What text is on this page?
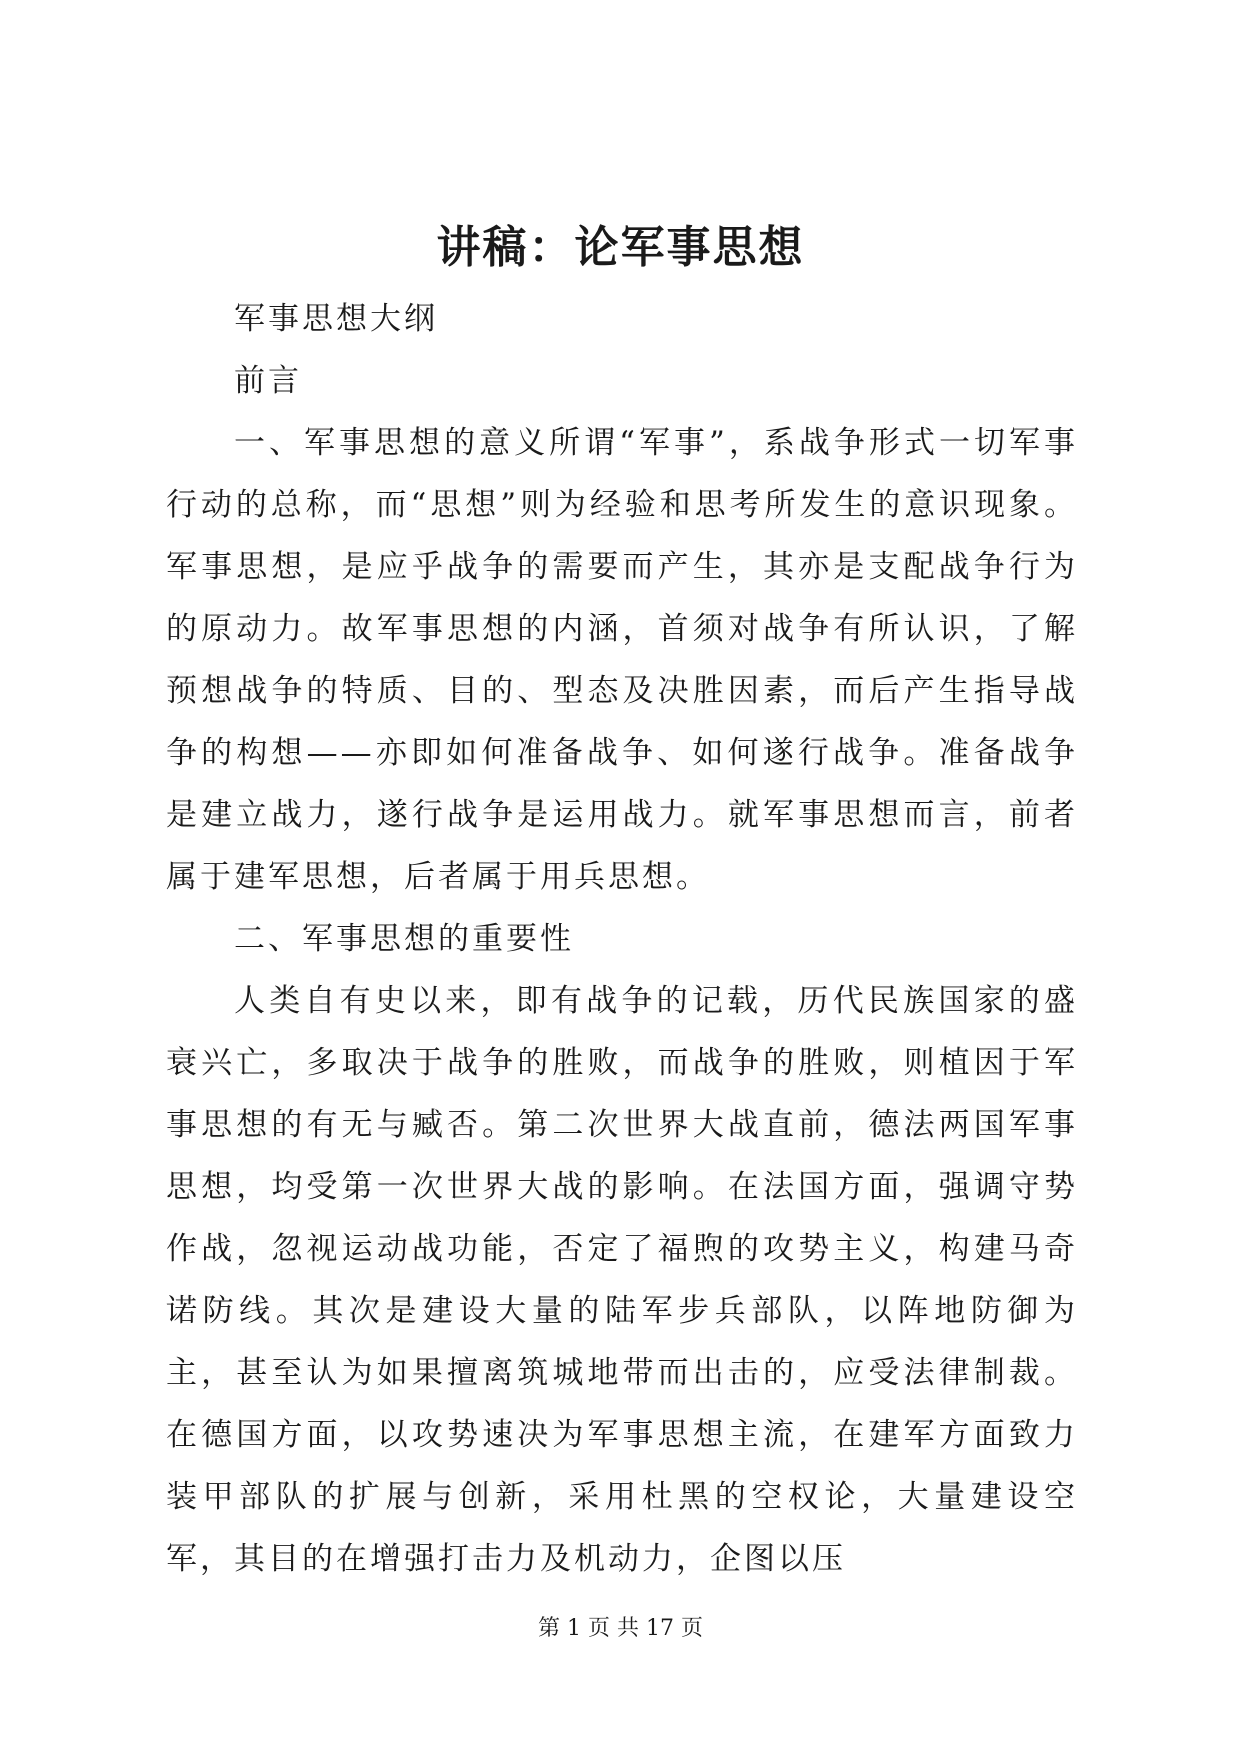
讲稿：论军事思想

军事思想大纲

前言

一、军事思想的意义所谓“军事”，系战争形式一切军事行动的总称，而“思想”则为经验和思考所发生的意识现象。军事思想，是应乎战争的需要而产生，其亦是支配战争行为的原动力。故军事思想的内涵，首须对战争有所认识，了解预想战争的特质、目的、型态及决胜因素，而后产生指导战争的构想——亦即如何准备战争、如何遂行战争。准备战争是建立战力，遂行战争是运用战力。就军事思想而言，前者属于建军思想，后者属于用兵思想。

二、军事思想的重要性

人类自有史以来，即有战争的记载，历代民族国家的盛衰兴亡，多取决于战争的胜败，而战争的胜败，则植因于军事思想的有无与臧否。第二次世界大战直前，德法两国军事思想，均受第一次世界大战的影响。在法国方面，强调守势作战，忽视运动战功能，否定了福煦的攻势主义，构建马奇诺防线。其次是建设大量的陆军步兵部队，以阵地防御为主，甚至认为如果擅离筑城地带而出击的，应受法律制裁。在德国方面，以攻势速决为军事思想主流，在建军方面致力装甲部队的扩展与创新，采用杜黑的空权论，大量建设空军，其目的在增强打击力及机动力，企图以压

第 1 页 共 17 页
